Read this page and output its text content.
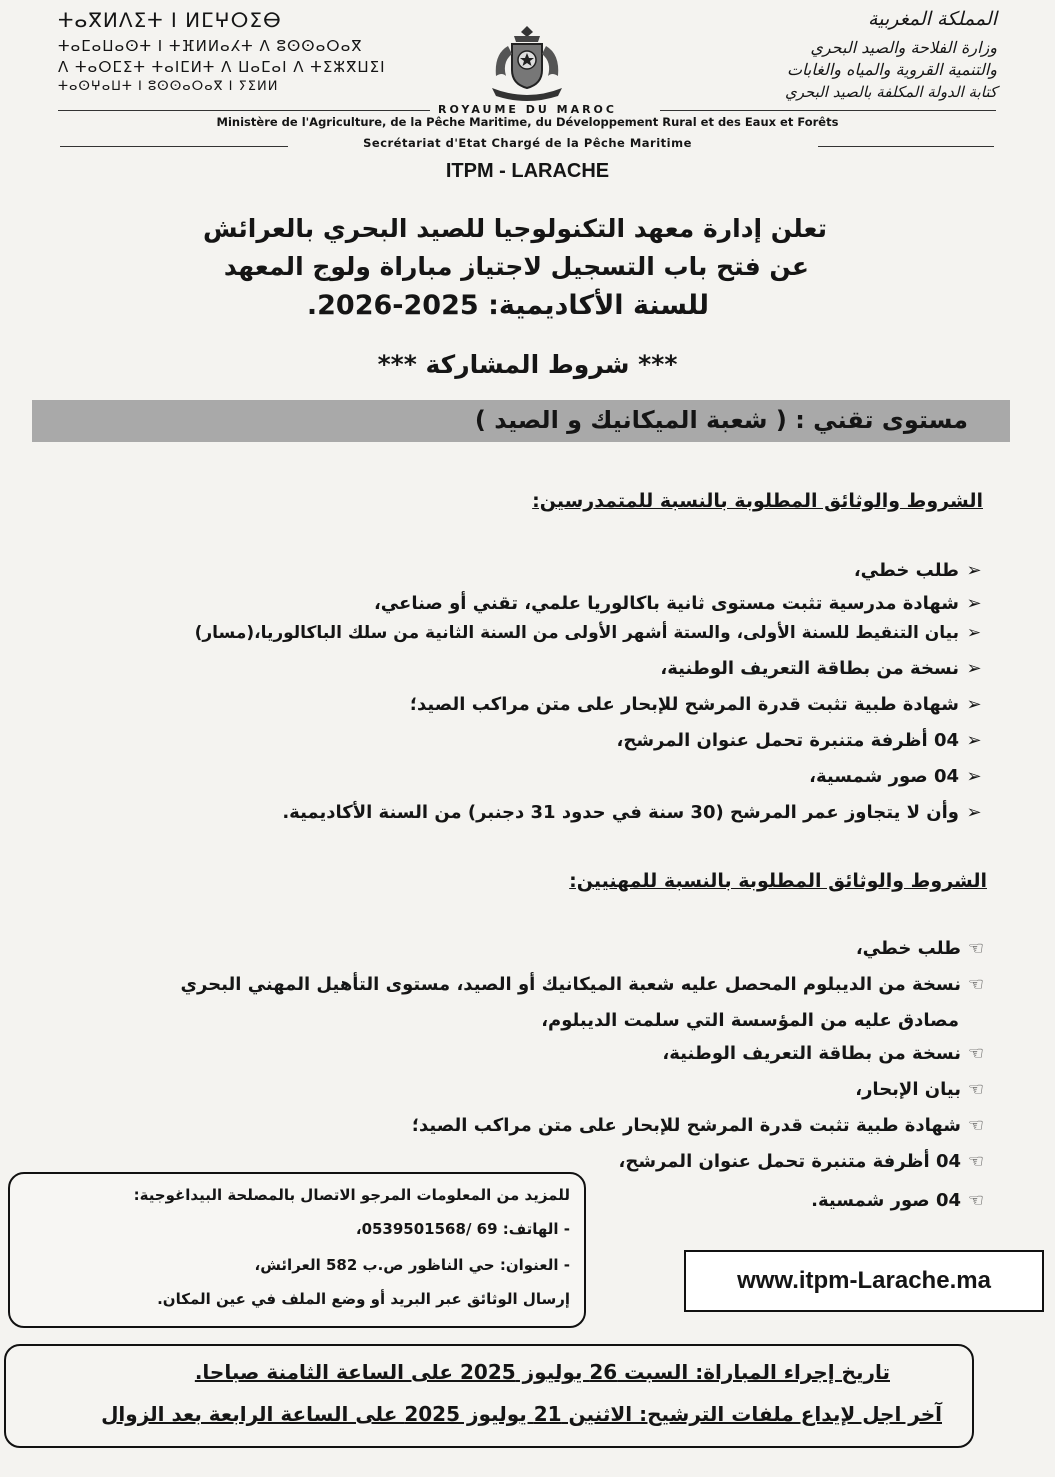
ⵜⴰⴳⵍⴷⵉⵜ ⵏ ⵍⵎⵖⵔⵉⴱ
ⵜⴰⵎⴰⵡⴰⵙⵜ ⵏ ⵜⴼⵍⵍⴰⵃⵜ ⴷ ⵓⵙⵙⴰⵔⴰⴳ
ⴷ ⵜⴰⵔⵎⵉⵜ ⵜⴰⵏⵎⵍⵜ ⴷ ⵡⴰⵎⴰⵏ ⴷ ⵜⵉⵣⴳⵡⵉⵏ
ⵜⴰⵙⵖⴰⵡⵜ ⵏ ⵓⵙⵙⴰⵔⴰⴳ ⵏ ⵢⵉⵍⵍ
المملكة المغربية
وزارة الفلاحة والصيد البحري
والتنمية القروية والمياه والغابات
كتابة الدولة المكلفة بالصيد البحري
ROYAUME DU MAROC
Ministère de l'Agriculture, de la Pêche Maritime, du Développement Rural et des Eaux et Forêts
Secrétariat d'Etat Chargé de la Pêche Maritime
ITPM - LARACHE
تعلن إدارة معهد التكنولوجيا للصيد البحري بالعرائش
عن فتح باب التسجيل لاجتياز مباراة ولوج المعهد
للسنة الأكاديمية: 2025-2026.
*** شروط المشاركة ***
مستوى تقني : ( شعبة الميكانيك و الصيد )
الشروط والوثائق المطلوبة بالنسبة للمتمدرسين:
➢طلب خطي،
➢شهادة مدرسية تثبت مستوى ثانية باكالوريا علمي، تقني أو صناعي،
➢بيان التنقيط للسنة الأولى، والستة أشهر الأولى من السنة الثانية من سلك الباكالوريا،(مسار)
➢نسخة من بطاقة التعريف الوطنية،
➢شهادة طبية تثبت قدرة المرشح للإبحار على متن مراكب الصيد؛
➢04 أظرفة متنبرة تحمل عنوان المرشح،
➢04 صور شمسية،
➢وأن لا يتجاوز عمر المرشح (30 سنة في حدود 31 دجنبر) من السنة الأكاديمية.
الشروط والوثائق المطلوبة بالنسبة للمهنيين:
☜طلب خطي،
☜نسخة من الديبلوم المحصل عليه شعبة الميكانيك أو الصيد، مستوى التأهيل المهني البحري
مصادق عليه من المؤسسة التي سلمت الديبلوم،
☜نسخة من بطاقة التعريف الوطنية،
☜بيان الإبحار،
☜شهادة طبية تثبت قدرة المرشح للإبحار على متن مراكب الصيد؛
☜04 أظرفة متنبرة تحمل عنوان المرشح،
☜04 صور شمسية.
للمزيد من المعلومات المرجو الاتصال بالمصلحة البيداغوجية:
- الهاتف: 69 /0539501568،
- العنوان: حي الناظور ص.ب 582 العرائش،
إرسال الوثائق عبر البريد أو وضع الملف في عين المكان.
www.itpm-Larache.ma
تاريخ إجراء المباراة: السبت 26 يوليوز 2025 على الساعة الثامنة صباحا.
آخر اجل لإيداع ملفات الترشيح: الاثنين 21 يوليوز 2025 على الساعة الرابعة بعد الزوال
